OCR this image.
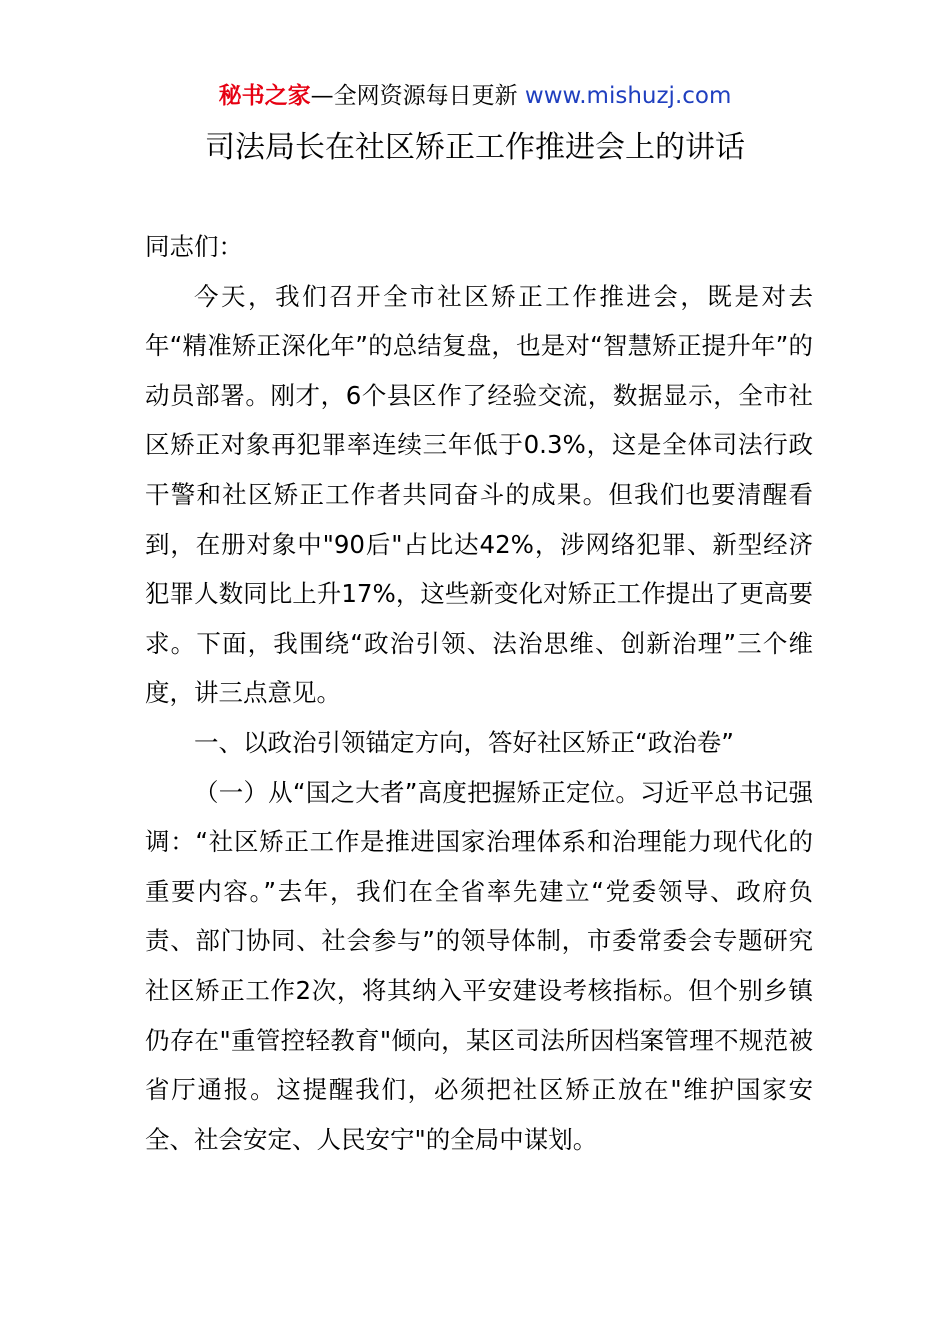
秘书之家—全网资源每日更新 www.mishuzj.com
司法局长在社区矫正工作推进会上的讲话

同志们：

今天，我们召开全市社区矫正工作推进会，既是对去年“精准矫正深化年”的总结复盘，也是对“智慧矫正提升年”的动员部署。刚才，6个县区作了经验交流，数据显示，全市社区矫正对象再犯罪率连续三年低于0.3%，这是全体司法行政干警和社区矫正工作者共同奋斗的成果。但我们也要清醒看到，在册对象中"90后"占比达42%，涉网络犯罪、新型经济犯罪人数同比上升17%，这些新变化对矫正工作提出了更高要求。下面，我围绕“政治引领、法治思维、创新治理”三个维度，讲三点意见。

一、以政治引领锚定方向，答好社区矫正“政治卷”

（一）从“国之大者”高度把握矫正定位。习近平总书记强调：“社区矫正工作是推进国家治理体系和治理能力现代化的重要内容。”去年，我们在全省率先建立“党委领导、政府负责、部门协同、社会参与”的领导体制，市委常委会专题研究社区矫正工作2次，将其纳入平安建设考核指标。但个别乡镇仍存在"重管控轻教育"倾向，某区司法所因档案管理不规范被省厅通报。这提醒我们，必须把社区矫正放在"维护国家安全、社会安定、人民安宁"的全局中谋划。
